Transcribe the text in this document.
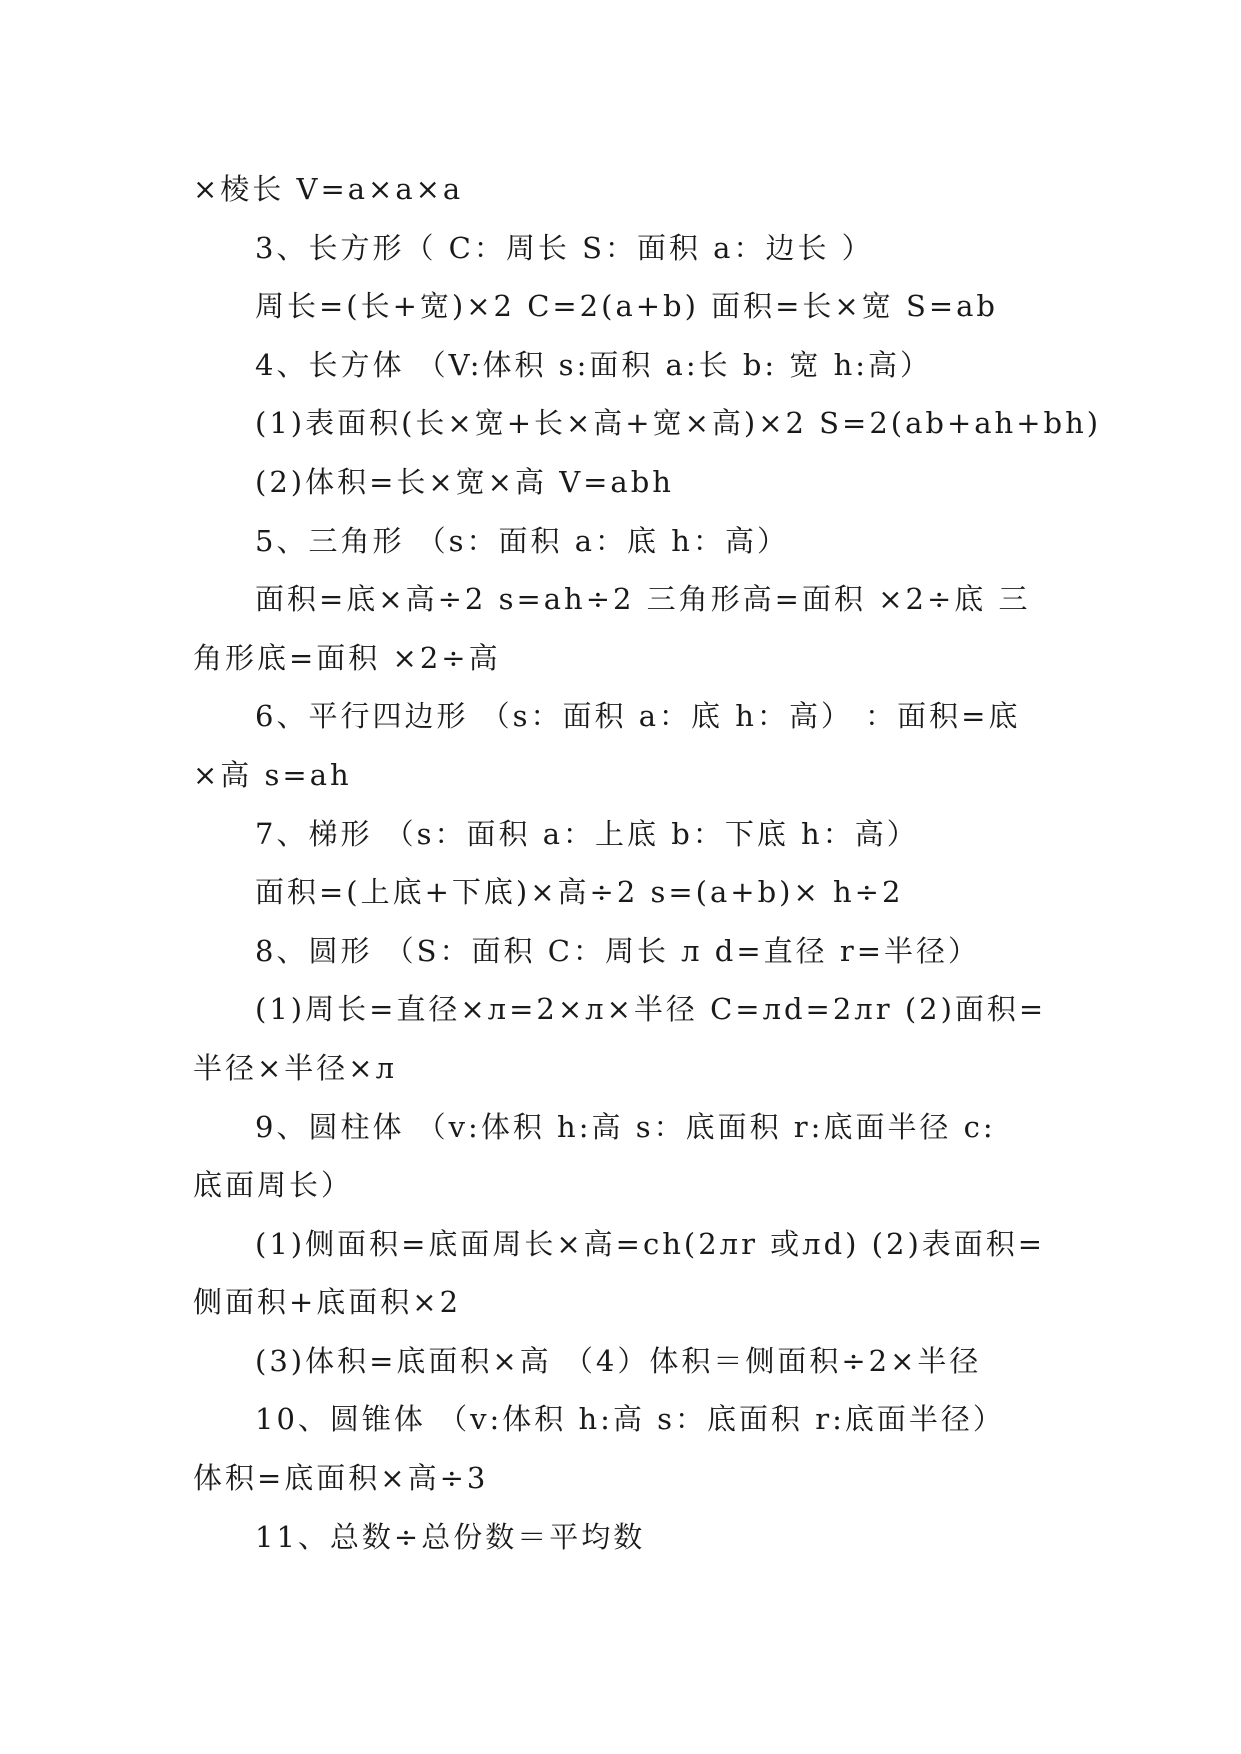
×棱长 V=a×a×a
3、长方形（ C：周长 S：面积 a：边长 ）
周长=(长+宽)×2 C=2(a+b) 面积=长×宽 S=ab
4、长方体 （V:体积 s:面积 a:长 b: 宽 h:高）
(1)表面积(长×宽+长×高+宽×高)×2 S=2(ab+ah+bh)
(2)体积=长×宽×高 V=abh
5、三角形 （s：面积 a：底 h：高）
面积=底×高÷2 s=ah÷2 三角形高=面积 ×2÷底 三
角形底=面积 ×2÷高
6、平行四边形 （s：面积 a：底 h：高） ：面积=底
×高 s=ah
7、梯形 （s：面积 a：上底 b：下底 h：高）
面积=(上底+下底)×高÷2 s=(a+b)× h÷2
8、圆形 （S：面积 C：周长 л d=直径 r=半径）
(1)周长=直径×л=2×л×半径 C=лd=2лr (2)面积=
半径×半径×л
9、圆柱体 （v:体积 h:高 s：底面积 r:底面半径 c:
底面周长）
(1)侧面积=底面周长×高=ch(2лr 或лd) (2)表面积=
侧面积+底面积×2
(3)体积=底面积×高 （4）体积＝侧面积÷2×半径
10、圆锥体 （v:体积 h:高 s：底面积 r:底面半径）
体积=底面积×高÷3
11、总数÷总份数＝平均数
